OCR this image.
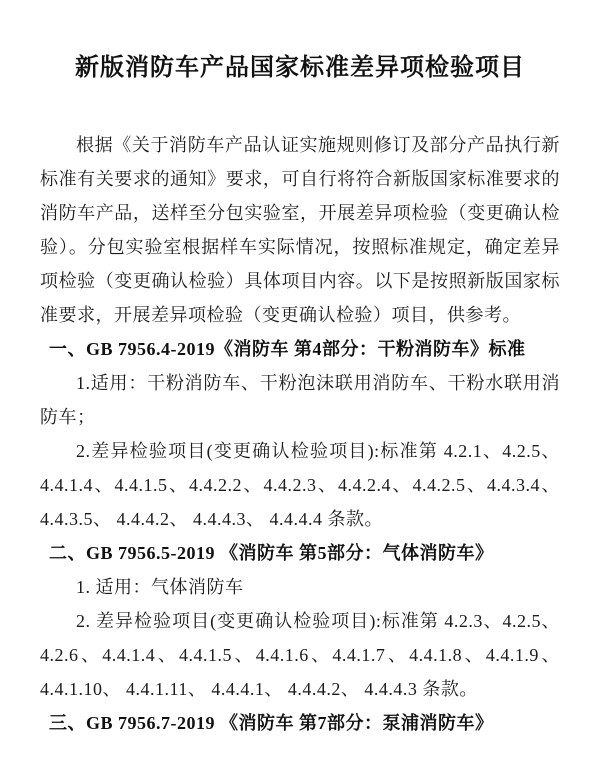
新版消防车产品国家标准差异项检验项目

根据《关于消防车产品认证实施规则修订及部分产品执行新标准有关要求的通知》要求，可自行将符合新版国家标准要求的消防车产品，送样至分包实验室，开展差异项检验（变更确认检验）。分包实验室根据样车实际情况，按照标准规定，确定差异项检验（变更确认检验）具体项目内容。以下是按照新版国家标准要求，开展差异项检验（变更确认检验）项目，供参考。

一、GB 7956.4-2019《消防车 第4部分：干粉消防车》标准

1.适用：干粉消防车、干粉泡沫联用消防车、干粉水联用消防车；

2.差异检验项目(变更确认检验项目):标准第 4.2.1、4.2.5、4.4.1.4、4.4.1.5、4.4.2.2、4.4.2.3、4.4.2.4、4.4.2.5、4.4.3.4、4.4.3.5、 4.4.4.2、 4.4.4.3、 4.4.4.4 条款。

二、GB 7956.5-2019 《消防车 第5部分：气体消防车》

1. 适用：气体消防车

2. 差异检验项目(变更确认检验项目):标准第 4.2.3、4.2.5、4.2.6、4.4.1.4、4.4.1.5、4.4.1.6、4.4.1.7、4.4.1.8、4.4.1.9、4.4.1.10、 4.4.1.11、 4.4.4.1、 4.4.4.2、 4.4.4.3 条款。

三、GB 7956.7-2019 《消防车 第7部分：泵浦消防车》
